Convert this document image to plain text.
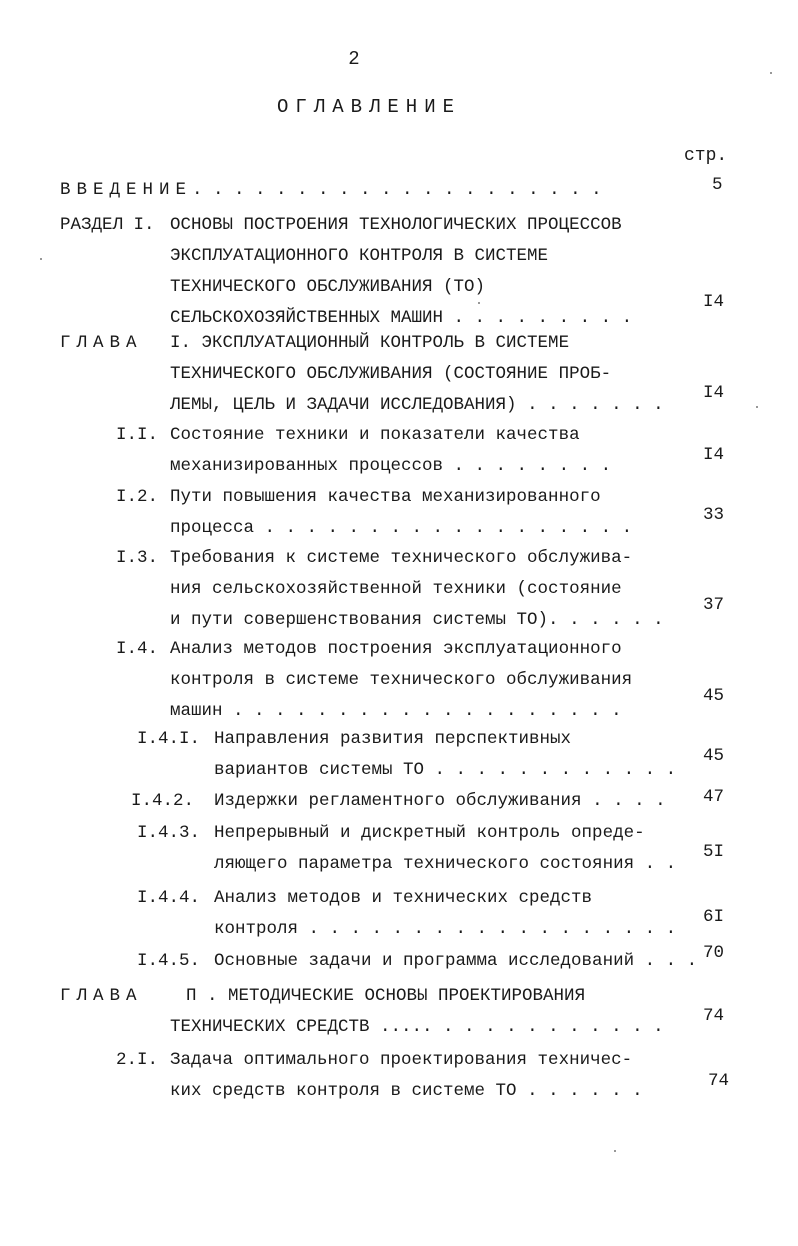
2
ОГЛАВЛЕНИЕ
стр.
ВВЕДЕНИЕ. . . . . . . . . . . . . . . . . . . .	5
РАЗДЕЛ I. ОСНОВЫ ПОСТРОЕНИЯ ТЕХНОЛОГИЧЕСКИХ ПРОЦЕССОВ
ЭКСПЛУАТАЦИОННОГО КОНТРОЛЯ В СИСТЕМЕ
ТЕХНИЧЕСКОГО ОБСЛУЖИВАНИЯ (ТО)
СЕЛЬСКОХОЗЯЙСТВЕННЫХ МАШИН . . . . . . . . .
I4
ГЛАВА I. ЭКСПЛУАТАЦИОННЫЙ КОНТРОЛЬ В СИСТЕМЕ
ТЕХНИЧЕСКОГО ОБСЛУЖИВАНИЯ (СОСТОЯНИЕ ПРОБ-
ЛЕМЫ, ЦЕЛЬ И ЗАДАЧИ ИССЛЕДОВАНИЯ) . . . . . . .
I4
I.I. Состояние техники и показатели качества
механизированных процессов . . . . . . . .
I4
I.2. Пути повышения качества механизированного
процесса . . . . . . . . . . . . . . . . . .
33
I.3. Требования к системе технического обслужива-
ния сельскохозяйственной техники (состояние
и пути совершенствования системы ТО). . . . . .
37
I.4. Анализ методов построения эксплуатационного
контроля в системе технического обслуживания
машин . . . . . . . . . . . . . . . . . . .
45
I.4.I. Направления развития перспективных
вариантов системы ТО . . . . . . . . . . . .
45
I.4.2. Издержки регламентного обслуживания . . . . 47
I.4.3. Непрерывный и дискретный контроль опреде-
ляющего параметра технического состояния . .
5I
I.4.4. Анализ методов и технических средств
контроля . . . . . . . . . . . . . . . . . .
6I
I.4.5. Основные задачи и программа исследований . . . 70
ГЛАВА П . МЕТОДИЧЕСКИЕ ОСНОВЫ ПРОЕКТИРОВАНИЯ
ТЕХНИЧЕСКИХ СРЕДСТВ ..... . . . . . . . . . . .
74
2.I. Задача оптимального проектирования техничес-
ких средств контроля в системе ТО . . . . . .	74
